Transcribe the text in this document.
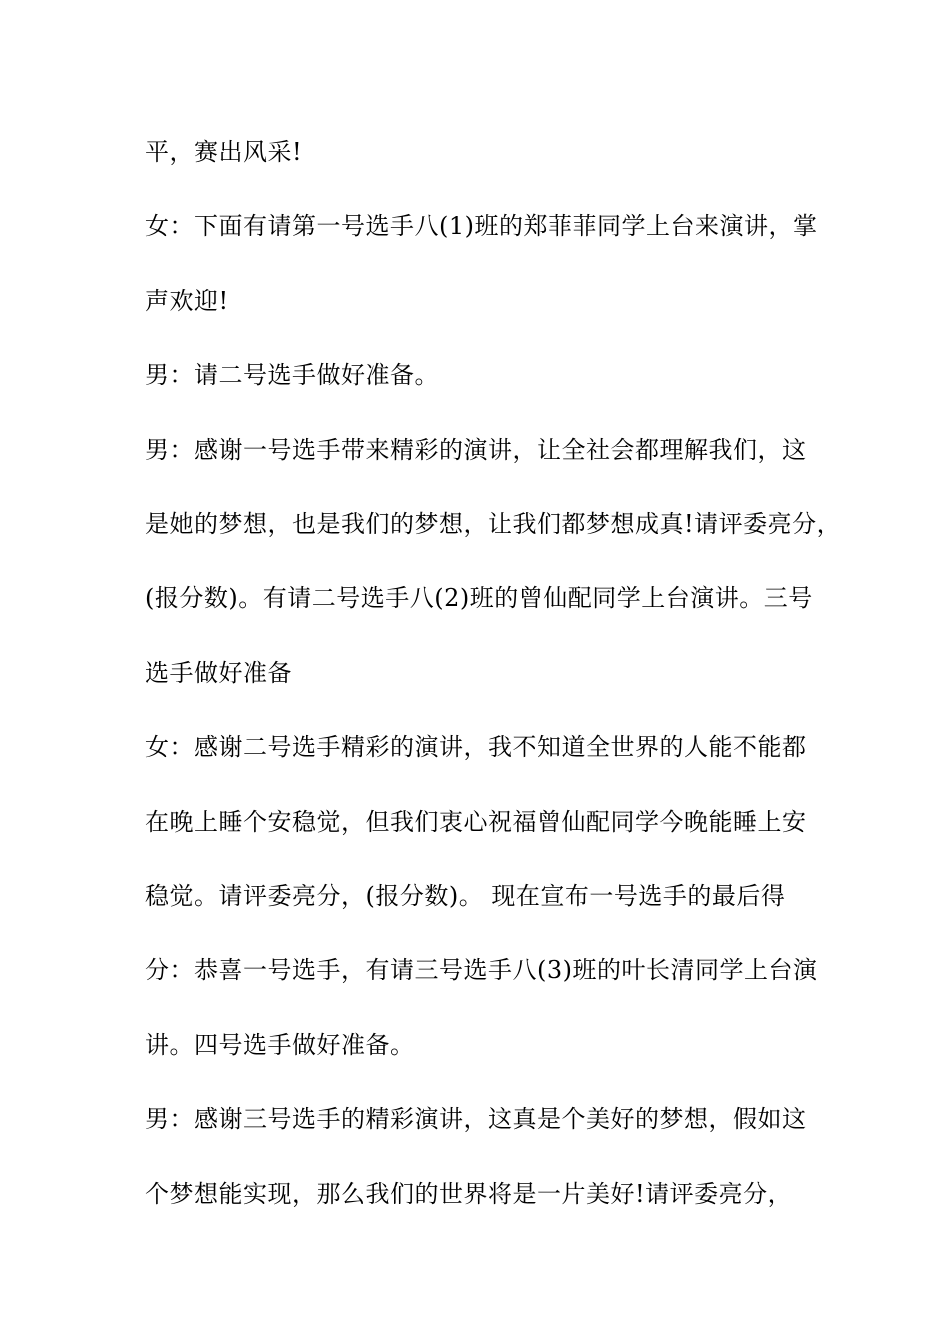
平，赛出风采!

女：下面有请第一号选手八(1)班的郑菲菲同学上台来演讲，掌

声欢迎!

男：请二号选手做好准备。

男：感谢一号选手带来精彩的演讲，让全社会都理解我们，这

是她的梦想，也是我们的梦想，让我们都梦想成真!请评委亮分，

(报分数)。有请二号选手八(2)班的曾仙配同学上台演讲。三号

选手做好准备

女：感谢二号选手精彩的演讲，我不知道全世界的人能不能都

在晚上睡个安稳觉，但我们衷心祝福曾仙配同学今晚能睡上安

稳觉。请评委亮分，(报分数)。 现在宣布一号选手的最后得

分：恭喜一号选手，有请三号选手八(3)班的叶长清同学上台演

讲。四号选手做好准备。

男：感谢三号选手的精彩演讲，这真是个美好的梦想，假如这

个梦想能实现，那么我们的世界将是一片美好!请评委亮分，
